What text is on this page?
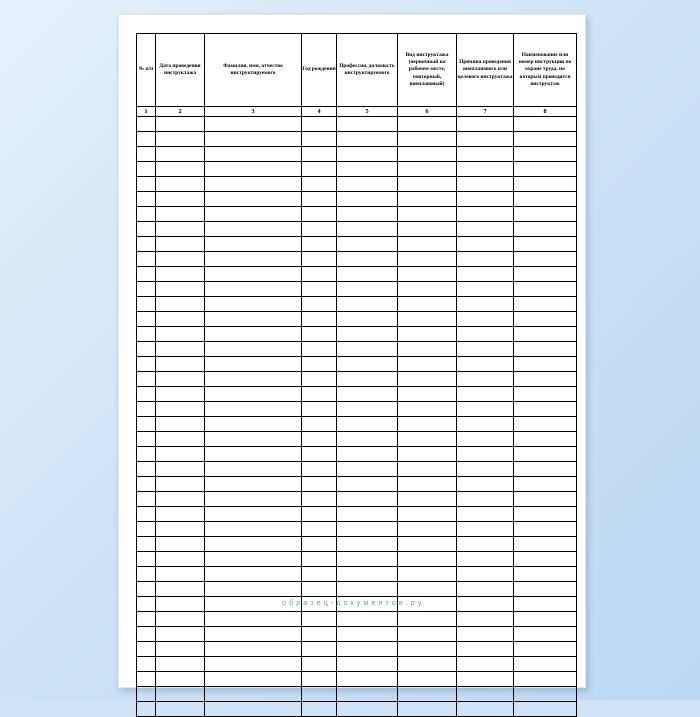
№ п/п	Дата проведения инструктажа	Фамилия, имя, отчество инструктируемого	Год рождения	Профессия, должность инструктируемого	Вид инструктажа (первичный на рабочем месте, повторный, внеплановый)	Причина проведения внепланового или целевого инструктажа	Наименование или номер инструкции по охране труда, по которым проводится инструктаж
1	2	3	4	5	6	7	8

о б р а з е ц - д о к у м е н т о в . р у
